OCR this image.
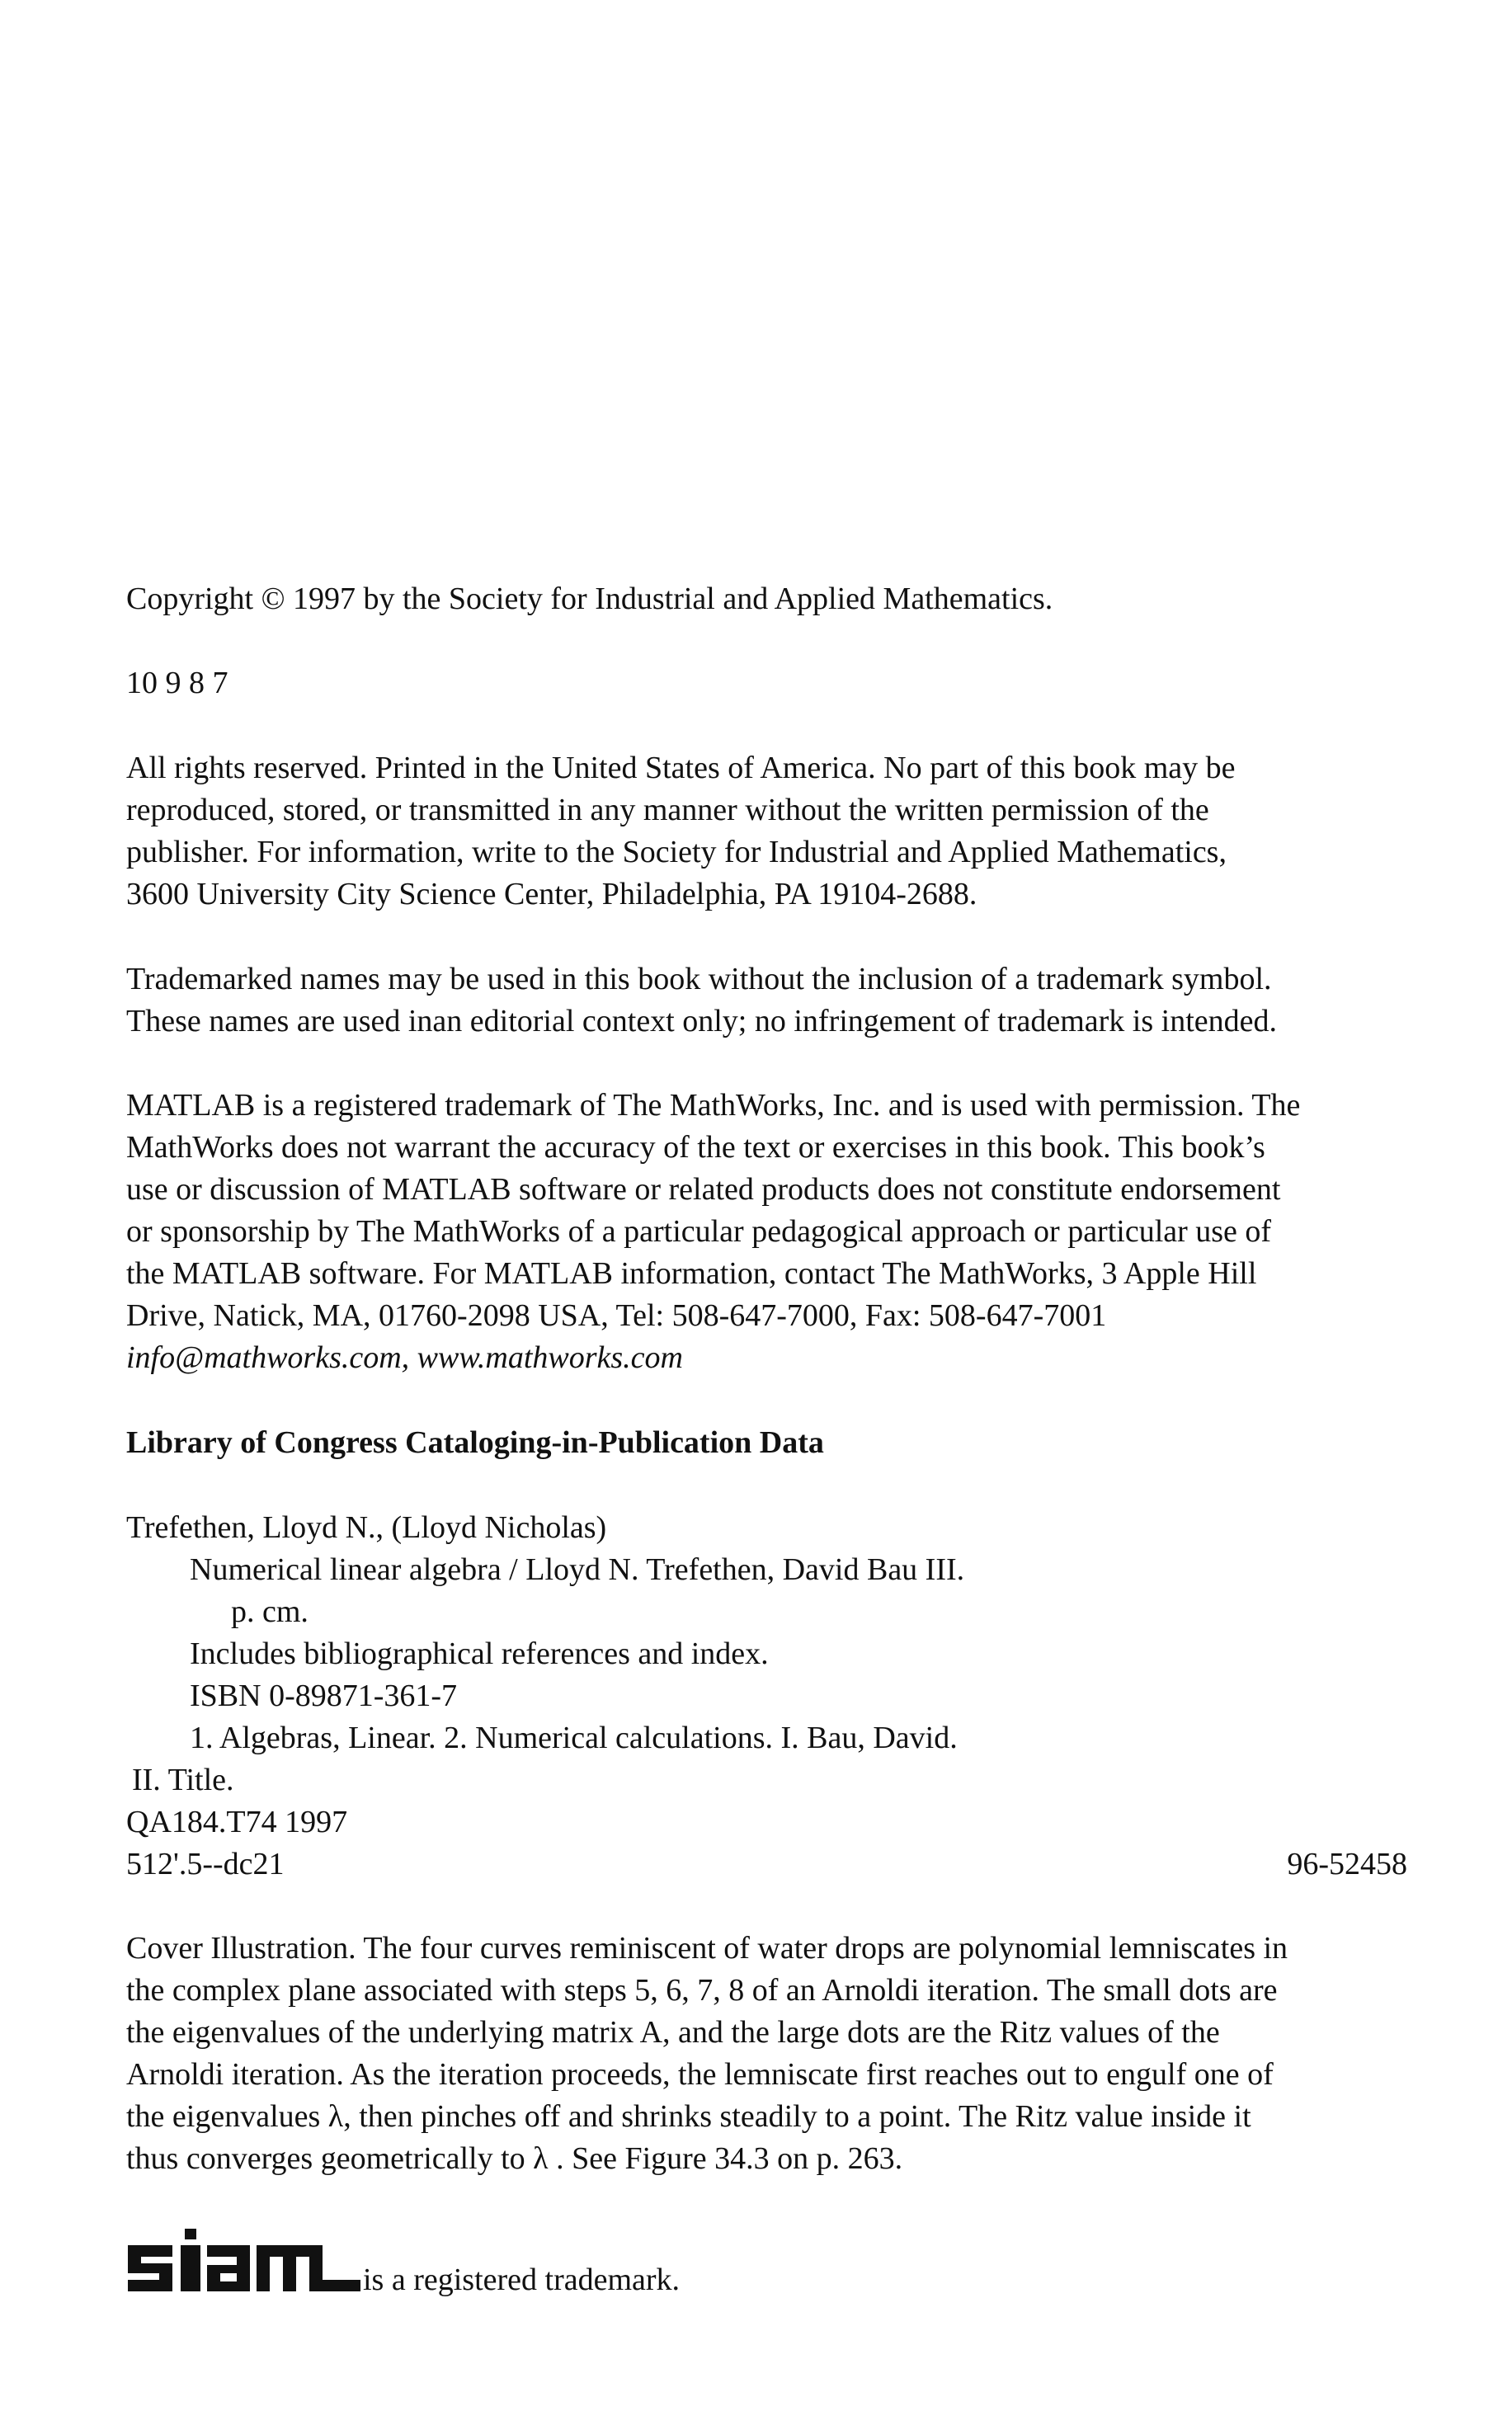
Copyright © 1997 by the Society for Industrial and Applied Mathematics.
10 9 8 7
All rights reserved. Printed in the United States of America. No part of this book may be
reproduced, stored, or transmitted in any manner without the written permission of the
publisher. For information, write to the Society for Industrial and Applied Mathematics,
3600 University City Science Center, Philadelphia, PA 19104-2688.
Trademarked names may be used in this book without the inclusion of a trademark symbol.
These names are used inan editorial context only; no infringement of trademark is intended.
MATLAB is a registered trademark of The MathWorks, Inc. and is used with permission. The
MathWorks does not warrant the accuracy of the text or exercises in this book. This book’s
use or discussion of MATLAB software or related products does not constitute endorsement
or sponsorship by The MathWorks of a particular pedagogical approach or particular use of
the MATLAB software. For MATLAB information, contact The MathWorks, 3 Apple Hill
Drive, Natick, MA, 01760-2098 USA, Tel: 508-647-7000, Fax: 508-647-7001
info@mathworks.com, www.mathworks.com
Library of Congress Cataloging-in-Publication Data
Trefethen, Lloyd N., (Lloyd Nicholas)
Numerical linear algebra / Lloyd N. Trefethen, David Bau III.
p. cm.
Includes bibliographical references and index.
ISBN 0-89871-361-7
1. Algebras, Linear. 2. Numerical calculations. I. Bau, David.
II. Title.
QA184.T74 1997
512'.5--dc21	96-52458
Cover Illustration. The four curves reminiscent of water drops are polynomial lemniscates in
the complex plane associated with steps 5, 6, 7, 8 of an Arnoldi iteration. The small dots are
the eigenvalues of the underlying matrix A, and the large dots are the Ritz values of the
Arnoldi iteration. As the iteration proceeds, the lemniscate first reaches out to engulf one of
the eigenvalues λ, then pinches off and shrinks steadily to a point. The Ritz value inside it
thus converges geometrically to λ . See Figure 34.3 on p. 263.
is a registered trademark.
